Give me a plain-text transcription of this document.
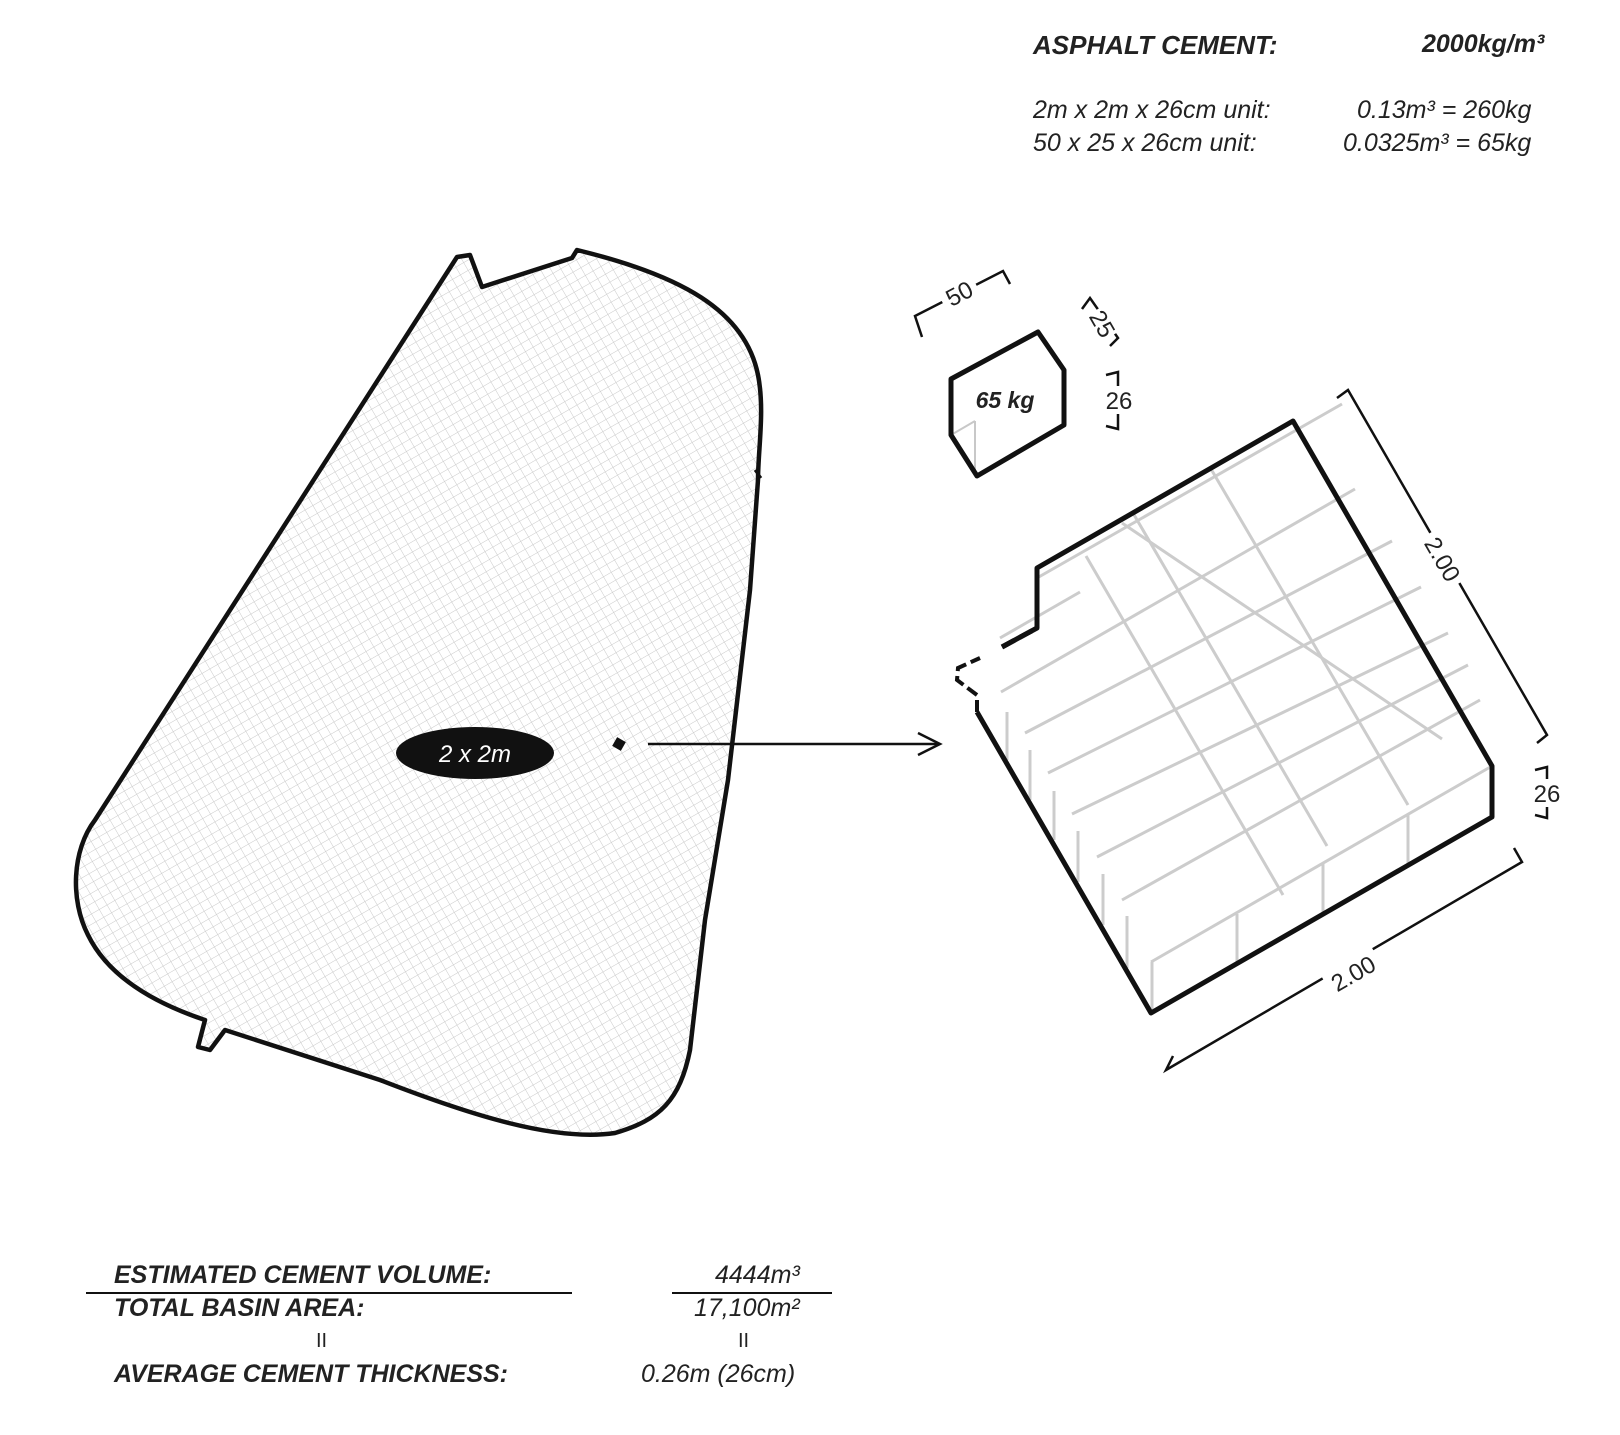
ASPHALT CEMENT:	2000kg/m³
2m x 2m x 26cm unit:	0.13m³ = 260kg
50 x 25 x 26cm unit:	0.0325m³ = 65kg
2 x 2m
65 kg
50
25
26
2.00
26
2.00
ESTIMATED CEMENT VOLUME:	4444m³
TOTAL BASIN AREA:	17,100m²
II	II
AVERAGE CEMENT THICKNESS:	0.26m (26cm)
